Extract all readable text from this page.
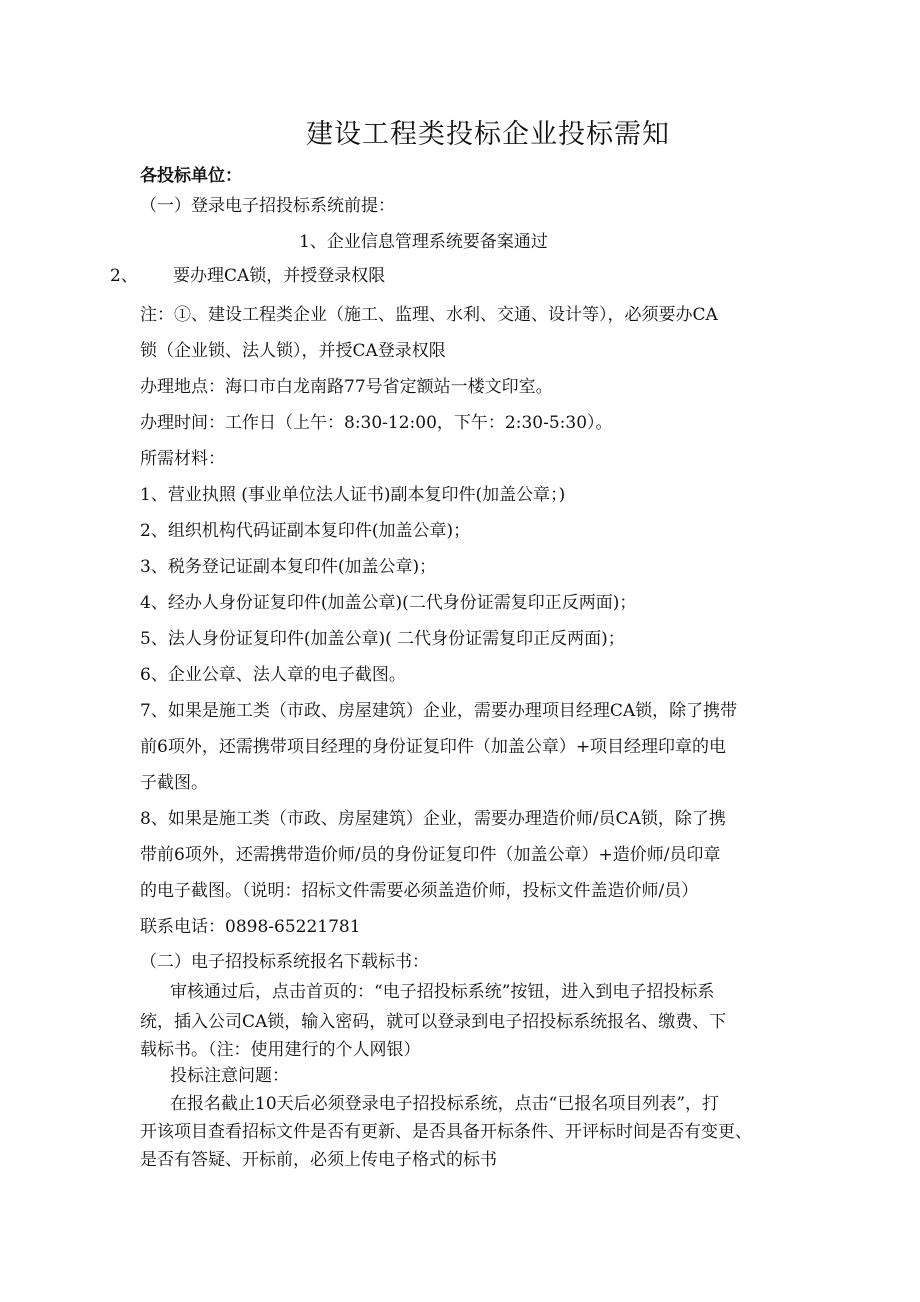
建设工程类投标企业投标需知
各投标单位：
（一）登录电子招投标系统前提：
1、企业信息管理系统要备案通过
2、 要办理CA锁，并授登录权限
注：①、建设工程类企业（施工、监理、水利、交通、设计等），必须要办CA
锁（企业锁、法人锁），并授CA登录权限
办理地点：海口市白龙南路77号省定额站一楼文印室。
办理时间：工作日（上午：8:30-12:00，下午：2:30-5:30）。
所需材料：
1、营业执照 (事业单位法人证书)副本复印件(加盖公章；)
2、组织机构代码证副本复印件(加盖公章)；
3、税务登记证副本复印件(加盖公章)；
4、经办人身份证复印件(加盖公章)(二代身份证需复印正反两面)；
5、法人身份证复印件(加盖公章)( 二代身份证需复印正反两面)；
6、企业公章、法人章的电子截图。
7、如果是施工类（市政、房屋建筑）企业，需要办理项目经理CA锁，除了携带
前6项外，还需携带项目经理的身份证复印件（加盖公章）+项目经理印章的电
子截图。
8、如果是施工类（市政、房屋建筑）企业，需要办理造价师/员CA锁，除了携
带前6项外，还需携带造价师/员的身份证复印件（加盖公章）+造价师/员印章
的电子截图。（说明：招标文件需要必须盖造价师，投标文件盖造价师/员）
联系电话：0898-65221781
（二）电子招投标系统报名下载标书：
审核通过后，点击首页的：“电子招投标系统”按钮，进入到电子招投标系
统，插入公司CA锁，输入密码，就可以登录到电子招投标系统报名、缴费、下
载标书。（注：使用建行的个人网银）
投标注意问题：
在报名截止10天后必须登录电子招投标系统，点击“已报名项目列表”，打
开该项目查看招标文件是否有更新、是否具备开标条件、开评标时间是否有变更、
是否有答疑、开标前，必须上传电子格式的标书
